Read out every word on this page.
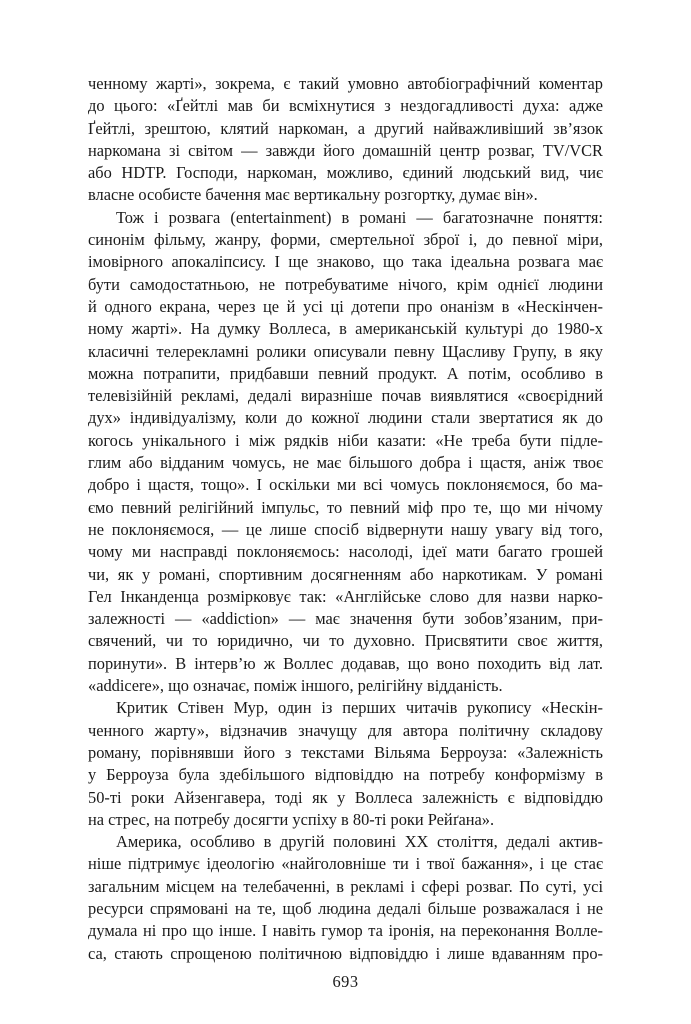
ченному жарті», зокрема, є такий умовно автобіографічний коментар
до цього: «Ґейтлі мав би всміхнутися з нездогадливості духа: адже
Ґейтлі, зрештою, клятий наркоман, а другий найважливіший зв’язок
наркомана зі світом — завжди його домашній центр розваг, TV/VCR
або HDTP. Господи, наркоман, можливо, єдиний людський вид, чиє
власне особисте бачення має вертикальну розгортку, думає він».
Тож і розвага (entertainment) в романі — багатозначне поняття:
синонім фільму, жанру, форми, смертельної зброї і, до певної міри,
імовірного апокаліпсису. І ще знаково, що така ідеальна розвага має
бути самодостатньою, не потребуватиме нічого, крім однієї людини
й одного екрана, через це й усі ці дотепи про онанізм в «Нескінчен-
ному жарті». На думку Воллеса, в американській культурі до 1980-х
класичні телерекламні ролики описували певну Щасливу Групу, в яку
можна потрапити, придбавши певний продукт. А потім, особливо в
телевізійній рекламі, дедалі виразніше почав виявлятися «своєрідний
дух» індивідуалізму, коли до кожної людини стали звертатися як до
когось унікального і між рядків ніби казати: «Не треба бути підле-
глим або відданим чомусь, не має більшого добра і щастя, аніж твоє
добро і щастя, тощо». І оскільки ми всі чомусь поклоняємося, бо ма-
ємо певний релігійний імпульс, то певний міф про те, що ми нічому
не поклоняємося, — це лише спосіб відвернути нашу увагу від того,
чому ми насправді поклоняємось: насолоді, ідеї мати багато грошей
чи, як у романі, спортивним досягненням або наркотикам. У романі
Гел Інканденца розмірковує так: «Англійське слово для назви нарко-
залежності — «addiction» — має значення бути зобов’язаним, при-
свячений, чи то юридично, чи то духовно. Присвятити своє життя,
поринути». В інтерв’ю ж Воллес додавав, що воно походить від лат.
«addicere», що означає, поміж іншого, релігійну відданість.
Критик Стівен Мур, один із перших читачів рукопису «Нескін-
ченного жарту», відзначив значущу для автора політичну складову
роману, порівнявши його з текстами Вільяма Берроуза: «Залежність
у Берроуза була здебільшого відповіддю на потребу конформізму в
50-ті роки Айзенгавера, тоді як у Воллеса залежність є відповіддю
на стрес, на потребу досягти успіху в 80-ті роки Рейґана».
Америка, особливо в другій половині XX століття, дедалі актив-
ніше підтримує ідеологію «найголовніше ти і твої бажання», і це стає
загальним місцем на телебаченні, в рекламі і сфері розваг. По суті, усі
ресурси спрямовані на те, щоб людина дедалі більше розважалася і не
думала ні про що інше. І навіть гумор та іронія, на переконання Волле-
са, стають спрощеною політичною відповіддю і лише вдаванням про-
693
